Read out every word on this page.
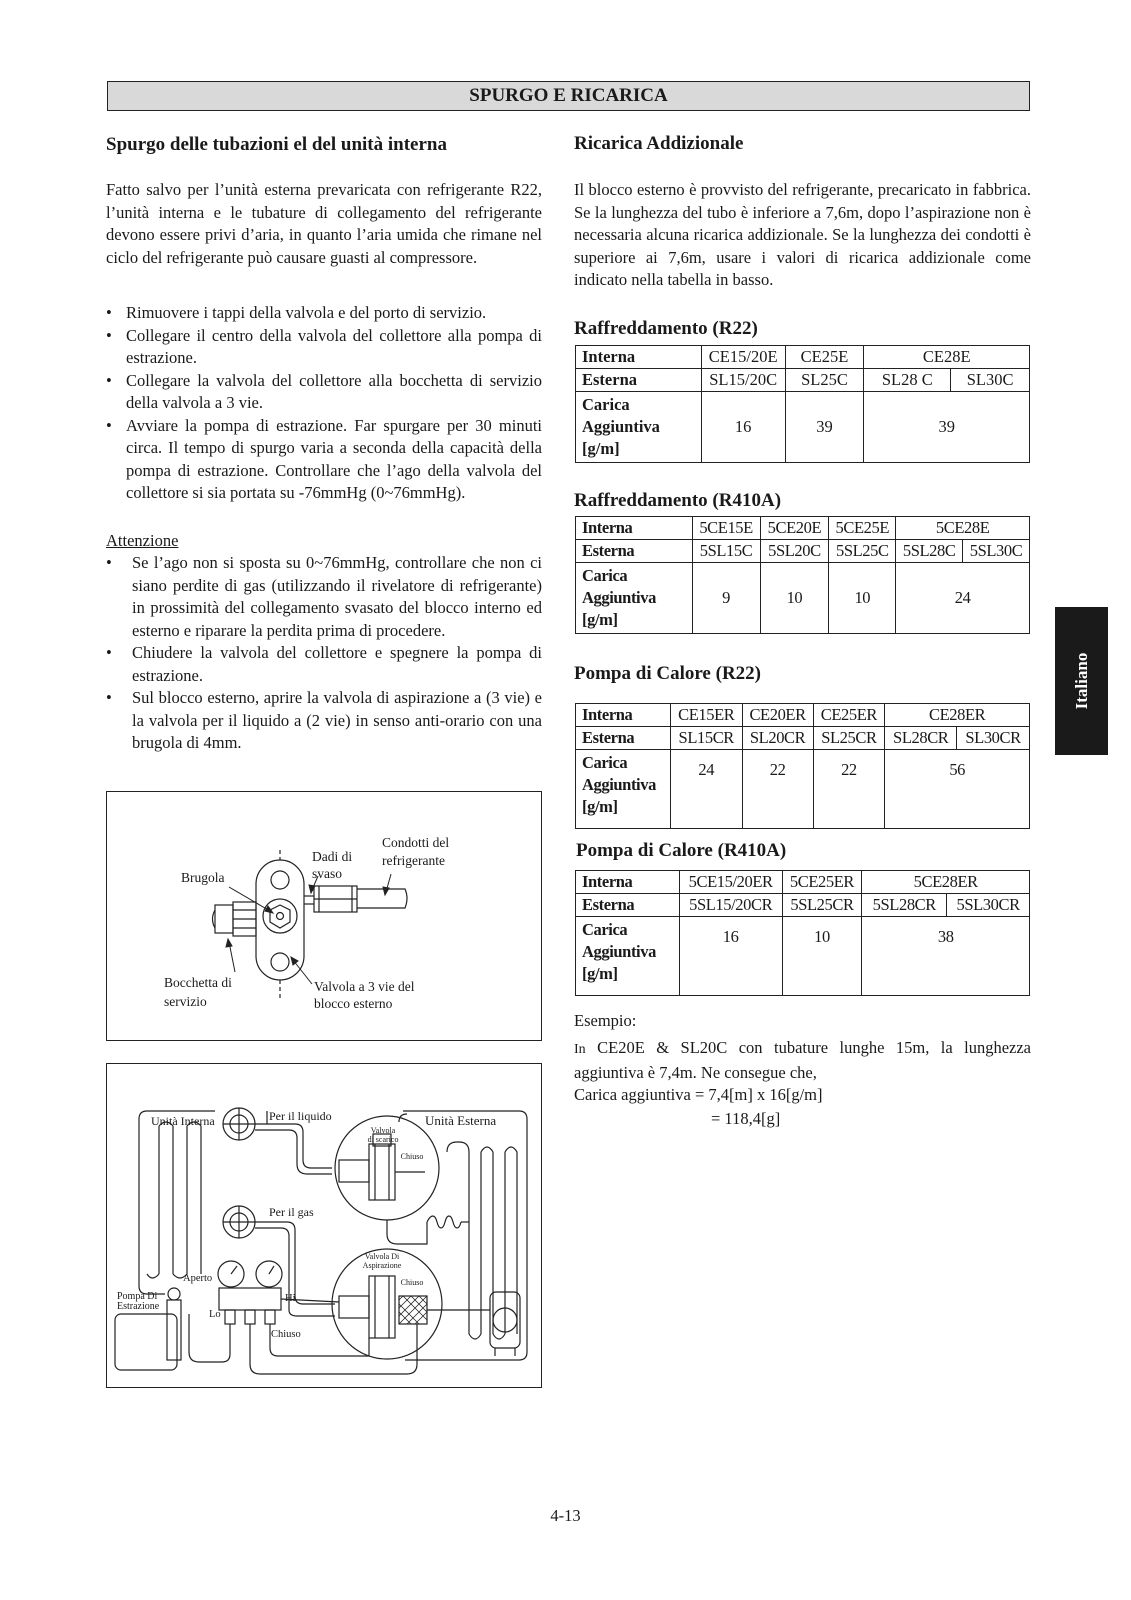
SPURGO E RICARICA
Spurgo delle tubazioni el del unità interna
Fatto salvo per l’unità esterna prevaricata con refrigerante R22, l’unità interna e le tubature di collegamento del refrigerante devono essere privi d’aria, in quanto l’aria umida che rimane nel ciclo del refrigerante può causare guasti al compressore.
• Rimuovere i tappi della valvola e del porto di servizio.
• Collegare il centro della valvola del collettore alla pompa di estrazione.
• Collegare la valvola del collettore alla bocchetta di servizio della valvola a 3 vie.
• Avviare la pompa di estrazione. Far spurgare per 30 minuti circa. Il tempo di spurgo varia a seconda della capacità della pompa di estrazione. Controllare che l’ago della valvola del collettore si sia portata su -76mmHg (0~76mmHg).
Attenzione
• Se l’ago non si sposta su 0~76mmHg, controllare che non ci siano perdite di gas (utilizzando il rivelatore di refrigerante) in prossimità del collegamento svasato del blocco interno ed esterno e riparare la perdita prima di procedere.
• Chiudere la valvola del collettore e spegnere la pompa di estrazione.
• Sul blocco esterno, aprire la valvola di aspirazione a (3 vie) e la valvola per il liquido a (2 vie) in senso anti-orario con una brugola di 4mm.
Brugola
Dadi di
svaso
Condotti del
refrigerante
Bocchetta di
servizio
Valvola a 3 vie del
blocco esterno
Unità Interna	Unità Esterna
Per il liquido
Per il gas
Valvola
di scarico
Chiuso
Valvola Di
Aspirazione
Chiuso
Aperto
Hi
Lo
Chiuso
Pompa Di
Estrazione
Ricarica Addizionale
Il blocco esterno è provvisto del refrigerante, precaricato in fabbrica. Se la lunghezza del tubo è inferiore a 7,6m, dopo l’aspirazione non è necessaria alcuna ricarica addizionale. Se la lunghezza dei condotti è superiore ai 7,6m, usare i valori di ricarica addizionale come indicato nella tabella in basso.
Raffreddamento (R22)
Interna	CE15/20E	CE25E	CE28E	
Esterna	SL15/20C	SL25C	SL28 C	SL30C
Carica
Aggiuntiva
[g/m]	16	39	39	
Raffreddamento (R410A)
Interna	5CE15E	5CE20E	5CE25E	5CE28E	
Esterna	5SL15C	5SL20C	5SL25C	5SL28C	5SL30C
Carica
Aggiuntiva
[g/m]	9	10	10	24	
Pompa di Calore (R22)
Interna	CE15ER	CE20ER	CE25ER	CE28ER	
Esterna	SL15CR	SL20CR	SL25CR	SL28CR	SL30CR
Carica
Aggiuntiva
[g/m]	24	22	22	56	
Pompa di Calore (R410A)
Interna	5CE15/20ER	5CE25ER	5CE28ER	
Esterna	5SL15/20CR	5SL25CR	5SL28CR	5SL30CR
Carica
Aggiuntiva
[g/m]	16	10	38	
Esempio:
In CE20E & SL20C con tubature lunghe 15m, la lunghezza aggiuntiva è 7,4m. Ne consegue che,
Carica aggiuntiva = 7,4[m] x 16[g/m]
= 118,4[g]
Italiano
4-13
